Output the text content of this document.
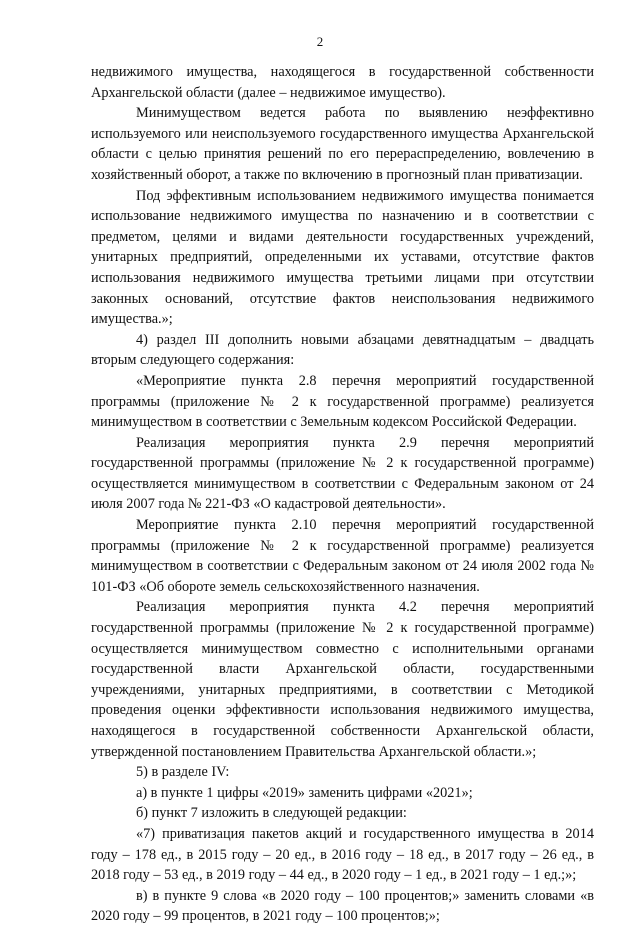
2

недвижимого имущества, находящегося в государственной собственности Архангельской области (далее – недвижимое имущество).

Минимуществом ведется работа по выявлению неэффективно используемого или неиспользуемого государственного имущества Архангельской области с целью принятия решений по его перераспределению, вовлечению в хозяйственный оборот, а также по включению в прогнозный план приватизации.

Под эффективным использованием недвижимого имущества понимается использование недвижимого имущества по назначению и в соответствии с предметом, целями и видами деятельности государственных учреждений, унитарных предприятий, определенными их уставами, отсутствие фактов использования недвижимого имущества третьими лицами при отсутствии законных оснований, отсутствие фактов неиспользования недвижимого имущества.»;

4) раздел III дополнить новыми абзацами девятнадцатым – двадцать вторым следующего содержания:

«Мероприятие пункта 2.8 перечня мероприятий государственной программы (приложение № 2 к государственной программе) реализуется минимуществом в соответствии с Земельным кодексом Российской Федерации.

Реализация мероприятия пункта 2.9 перечня мероприятий государственной программы (приложение № 2 к государственной программе) осуществляется минимуществом в соответствии с Федеральным законом от 24 июля 2007 года № 221-ФЗ «О кадастровой деятельности».

Мероприятие пункта 2.10 перечня мероприятий государственной программы (приложение № 2 к государственной программе) реализуется минимуществом в соответствии с Федеральным законом от 24 июля 2002 года № 101-ФЗ «Об обороте земель сельскохозяйственного назначения.

Реализация мероприятия пункта 4.2 перечня мероприятий государственной программы (приложение № 2 к государственной программе) осуществляется минимуществом совместно с исполнительными органами государственной власти Архангельской области, государственными учреждениями, унитарных предприятиями, в соответствии с Методикой проведения оценки эффективности использования недвижимого имущества, находящегося в государственной собственности Архангельской области, утвержденной постановлением Правительства Архангельской области.»;

5) в разделе IV:

а) в пункте 1 цифры «2019» заменить цифрами «2021»;

б) пункт 7 изложить в следующей редакции:

«7) приватизация пакетов акций и государственного имущества в 2014 году – 178 ед., в 2015 году – 20 ед., в 2016 году – 18 ед., в 2017 году – 26 ед., в 2018 году – 53 ед., в 2019 году – 44 ед., в 2020 году – 1 ед., в 2021 году – 1 ед.;»;

в) в пункте 9 слова «в 2020 году – 100 процентов;» заменить словами «в 2020 году – 99 процентов, в 2021 году – 100 процентов;»;
